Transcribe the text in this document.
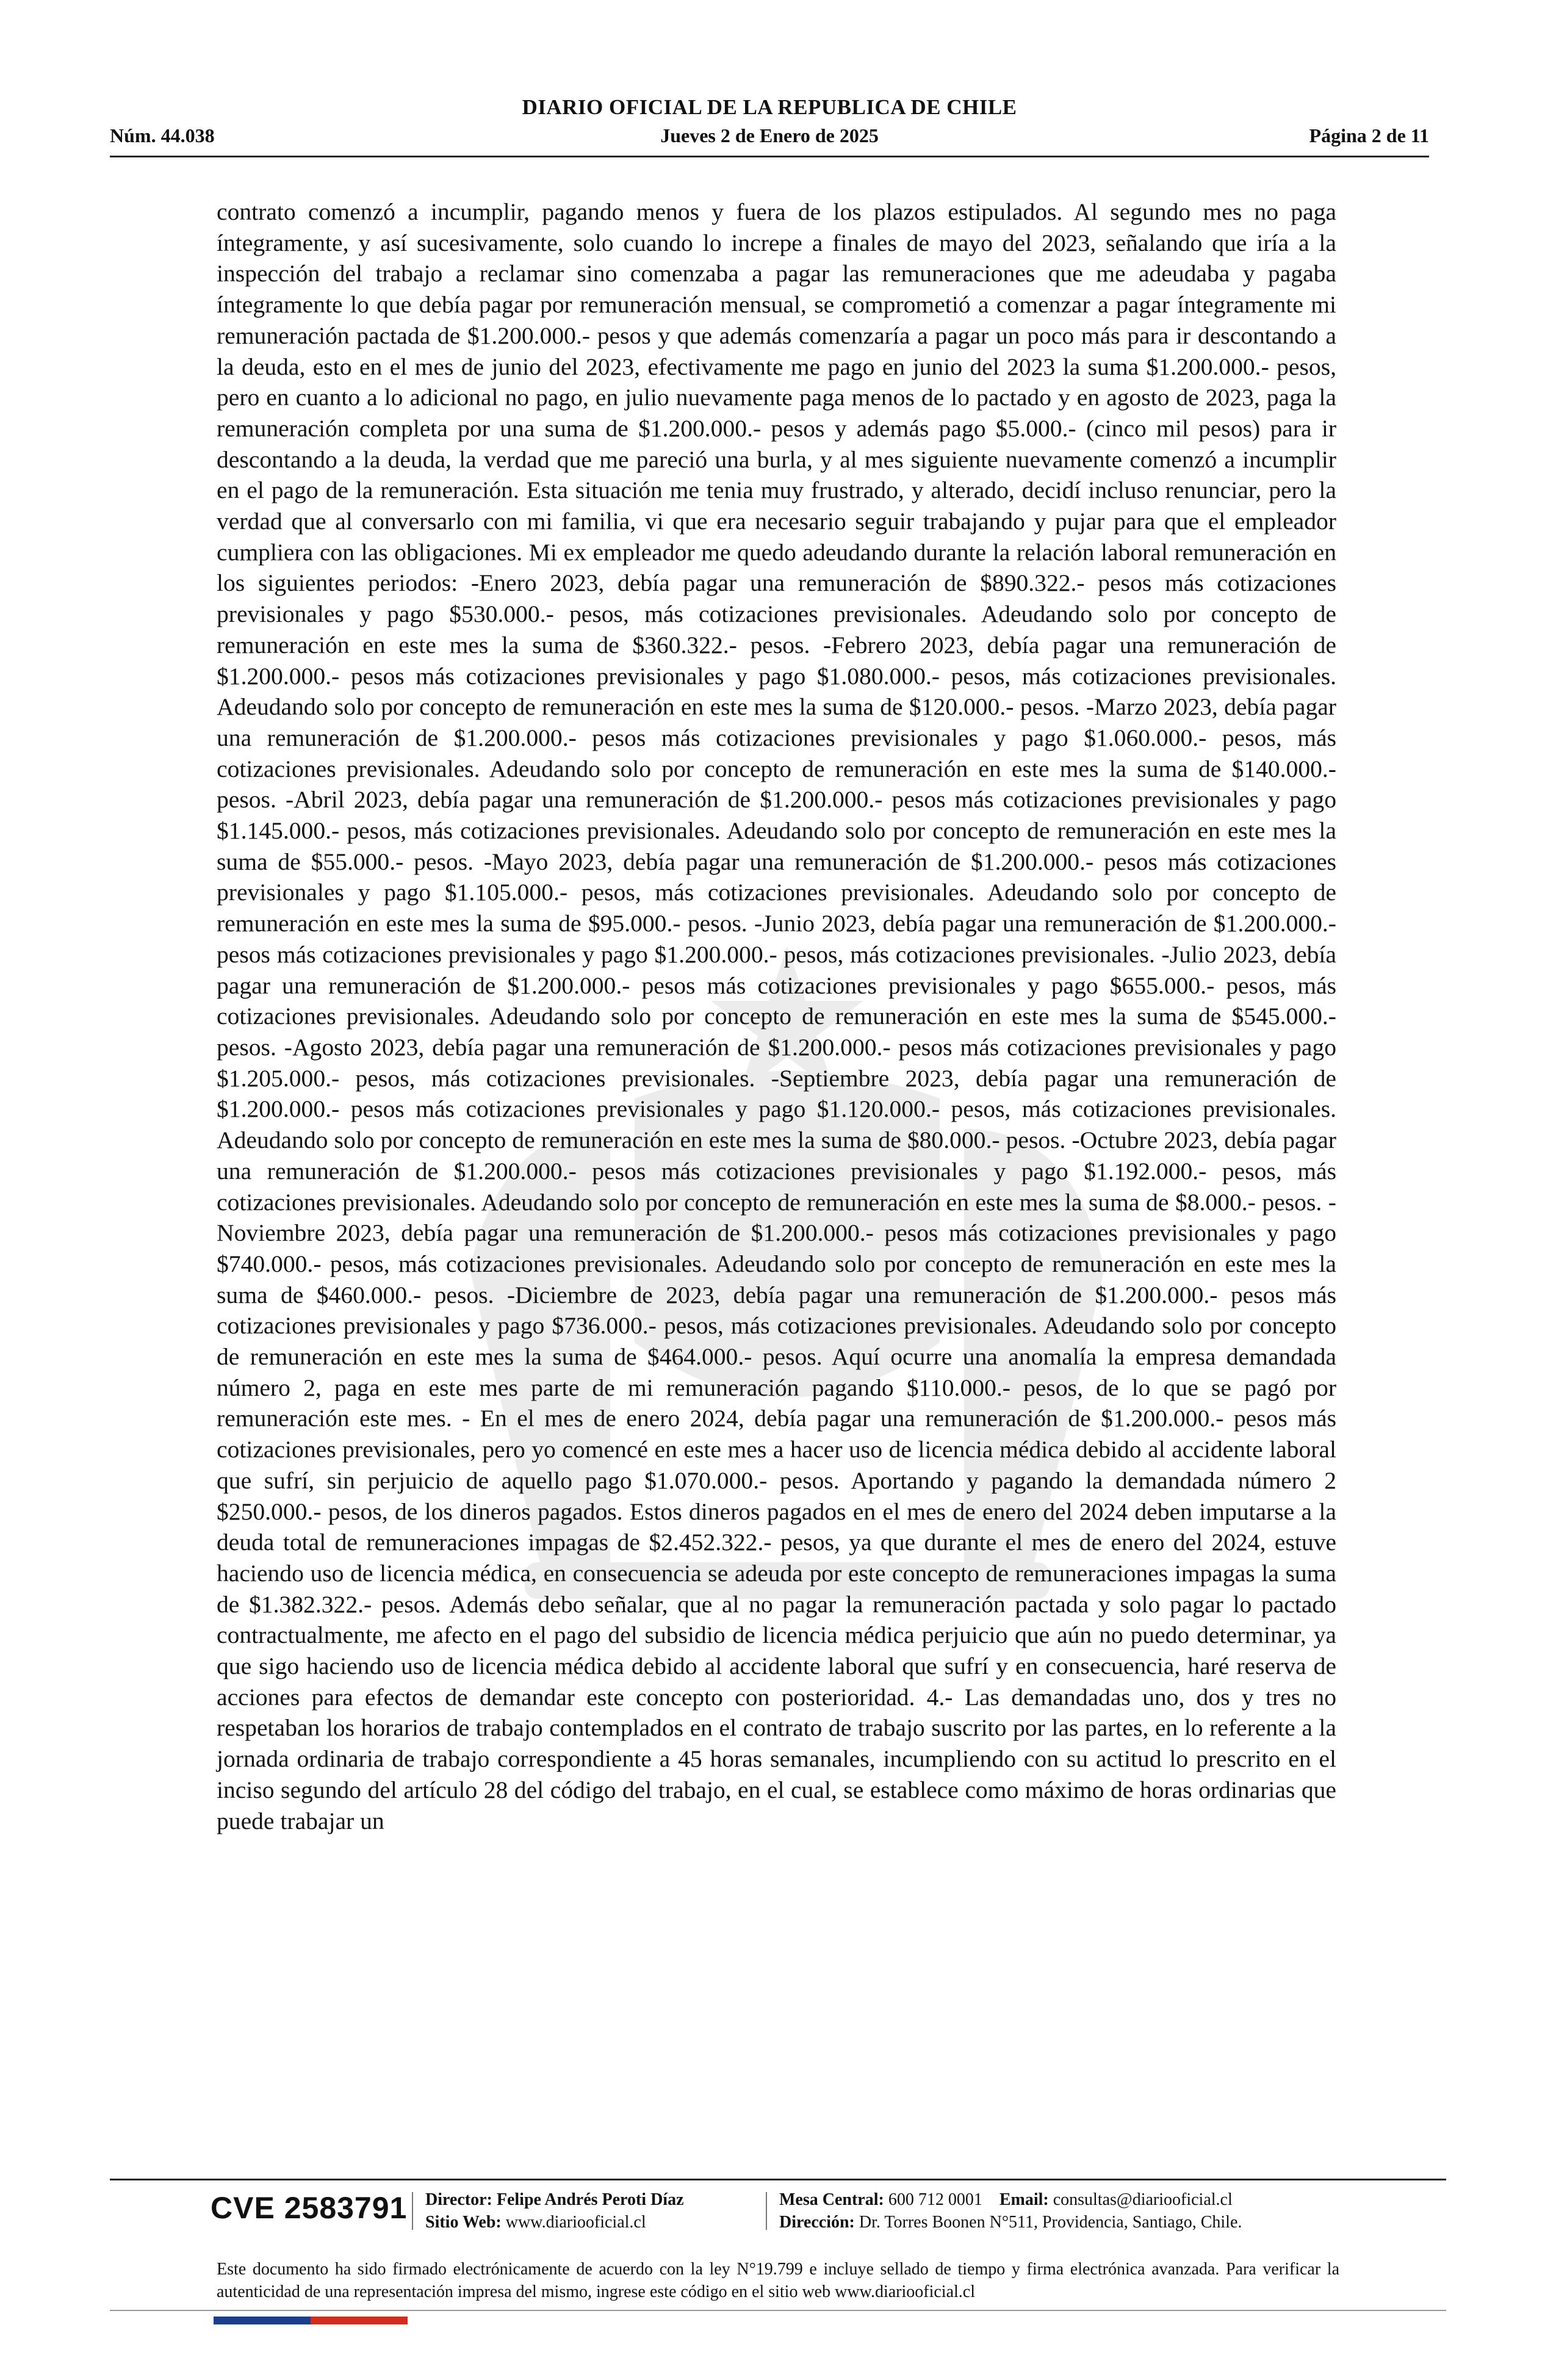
DIARIO OFICIAL DE LA REPUBLICA DE CHILE
Núm. 44.038	Jueves 2 de Enero de 2025	Página 2 de 11
contrato comenzó a incumplir, pagando menos y fuera de los plazos estipulados. Al segundo mes no paga íntegramente, y así sucesivamente, solo cuando lo increpe a finales de mayo del 2023, señalando que iría a la inspección del trabajo a reclamar sino comenzaba a pagar las remuneraciones que me adeudaba y pagaba íntegramente lo que debía pagar por remuneración mensual, se comprometió a comenzar a pagar íntegramente mi remuneración pactada de $1.200.000.- pesos y que además comenzaría a pagar un poco más para ir descontando a la deuda, esto en el mes de junio del 2023, efectivamente me pago en junio del 2023 la suma $1.200.000.- pesos, pero en cuanto a lo adicional no pago, en julio nuevamente paga menos de lo pactado y en agosto de 2023, paga la remuneración completa por una suma de $1.200.000.- pesos y además pago $5.000.- (cinco mil pesos) para ir descontando a la deuda, la verdad que me pareció una burla, y al mes siguiente nuevamente comenzó a incumplir en el pago de la remuneración. Esta situación me tenia muy frustrado, y alterado, decidí incluso renunciar, pero la verdad que al conversarlo con mi familia, vi que era necesario seguir trabajando y pujar para que el empleador cumpliera con las obligaciones. Mi ex empleador me quedo adeudando durante la relación laboral remuneración en los siguientes periodos: -Enero 2023, debía pagar una remuneración de $890.322.- pesos más cotizaciones previsionales y pago $530.000.- pesos, más cotizaciones previsionales. Adeudando solo por concepto de remuneración en este mes la suma de $360.322.- pesos. -Febrero 2023, debía pagar una remuneración de $1.200.000.- pesos más cotizaciones previsionales y pago $1.080.000.- pesos, más cotizaciones previsionales. Adeudando solo por concepto de remuneración en este mes la suma de $120.000.- pesos. -Marzo 2023, debía pagar una remuneración de $1.200.000.- pesos más cotizaciones previsionales y pago $1.060.000.- pesos, más cotizaciones previsionales. Adeudando solo por concepto de remuneración en este mes la suma de $140.000.- pesos. -Abril 2023, debía pagar una remuneración de $1.200.000.- pesos más cotizaciones previsionales y pago $1.145.000.- pesos, más cotizaciones previsionales. Adeudando solo por concepto de remuneración en este mes la suma de $55.000.- pesos. -Mayo 2023, debía pagar una remuneración de $1.200.000.- pesos más cotizaciones previsionales y pago $1.105.000.- pesos, más cotizaciones previsionales. Adeudando solo por concepto de remuneración en este mes la suma de $95.000.- pesos. -Junio 2023, debía pagar una remuneración de $1.200.000.- pesos más cotizaciones previsionales y pago $1.200.000.- pesos, más cotizaciones previsionales. -Julio 2023, debía pagar una remuneración de $1.200.000.- pesos más cotizaciones previsionales y pago $655.000.- pesos, más cotizaciones previsionales. Adeudando solo por concepto de remuneración en este mes la suma de $545.000.- pesos. -Agosto 2023, debía pagar una remuneración de $1.200.000.- pesos más cotizaciones previsionales y pago $1.205.000.- pesos, más cotizaciones previsionales. -Septiembre 2023, debía pagar una remuneración de $1.200.000.- pesos más cotizaciones previsionales y pago $1.120.000.- pesos, más cotizaciones previsionales. Adeudando solo por concepto de remuneración en este mes la suma de $80.000.- pesos. -Octubre 2023, debía pagar una remuneración de $1.200.000.- pesos más cotizaciones previsionales y pago $1.192.000.- pesos, más cotizaciones previsionales. Adeudando solo por concepto de remuneración en este mes la suma de $8.000.- pesos. -Noviembre 2023, debía pagar una remuneración de $1.200.000.- pesos más cotizaciones previsionales y pago $740.000.- pesos, más cotizaciones previsionales. Adeudando solo por concepto de remuneración en este mes la suma de $460.000.- pesos. -Diciembre de 2023, debía pagar una remuneración de $1.200.000.- pesos más cotizaciones previsionales y pago $736.000.- pesos, más cotizaciones previsionales. Adeudando solo por concepto de remuneración en este mes la suma de $464.000.- pesos. Aquí ocurre una anomalía la empresa demandada número 2, paga en este mes parte de mi remuneración pagando $110.000.- pesos, de lo que se pagó por remuneración este mes. - En el mes de enero 2024, debía pagar una remuneración de $1.200.000.- pesos más cotizaciones previsionales, pero yo comencé en este mes a hacer uso de licencia médica debido al accidente laboral que sufrí, sin perjuicio de aquello pago $1.070.000.- pesos. Aportando y pagando la demandada número 2 $250.000.- pesos, de los dineros pagados. Estos dineros pagados en el mes de enero del 2024 deben imputarse a la deuda total de remuneraciones impagas de $2.452.322.- pesos, ya que durante el mes de enero del 2024, estuve haciendo uso de licencia médica, en consecuencia se adeuda por este concepto de remuneraciones impagas la suma de $1.382.322.- pesos. Además debo señalar, que al no pagar la remuneración pactada y solo pagar lo pactado contractualmente, me afecto en el pago del subsidio de licencia médica perjuicio que aún no puedo determinar, ya que sigo haciendo uso de licencia médica debido al accidente laboral que sufrí y en consecuencia, haré reserva de acciones para efectos de demandar este concepto con posterioridad. 4.- Las demandadas uno, dos y tres no respetaban los horarios de trabajo contemplados en el contrato de trabajo suscrito por las partes, en lo referente a la jornada ordinaria de trabajo correspondiente a 45 horas semanales, incumpliendo con su actitud lo prescrito en el inciso segundo del artículo 28 del código del trabajo, en el cual, se establece como máximo de horas ordinarias que puede trabajar un
CVE 2583791 Director: Felipe Andrés Peroti Díaz
Sitio Web: www.diariooficial.cl
Mesa Central: 600 712 0001 Email: consultas@diariooficial.cl
Dirección: Dr. Torres Boonen N°511, Providencia, Santiago, Chile.
Este documento ha sido firmado electrónicamente de acuerdo con la ley N°19.799 e incluye sellado de tiempo y firma electrónica avanzada. Para verificar la autenticidad de una representación impresa del mismo, ingrese este código en el sitio web www.diariooficial.cl
